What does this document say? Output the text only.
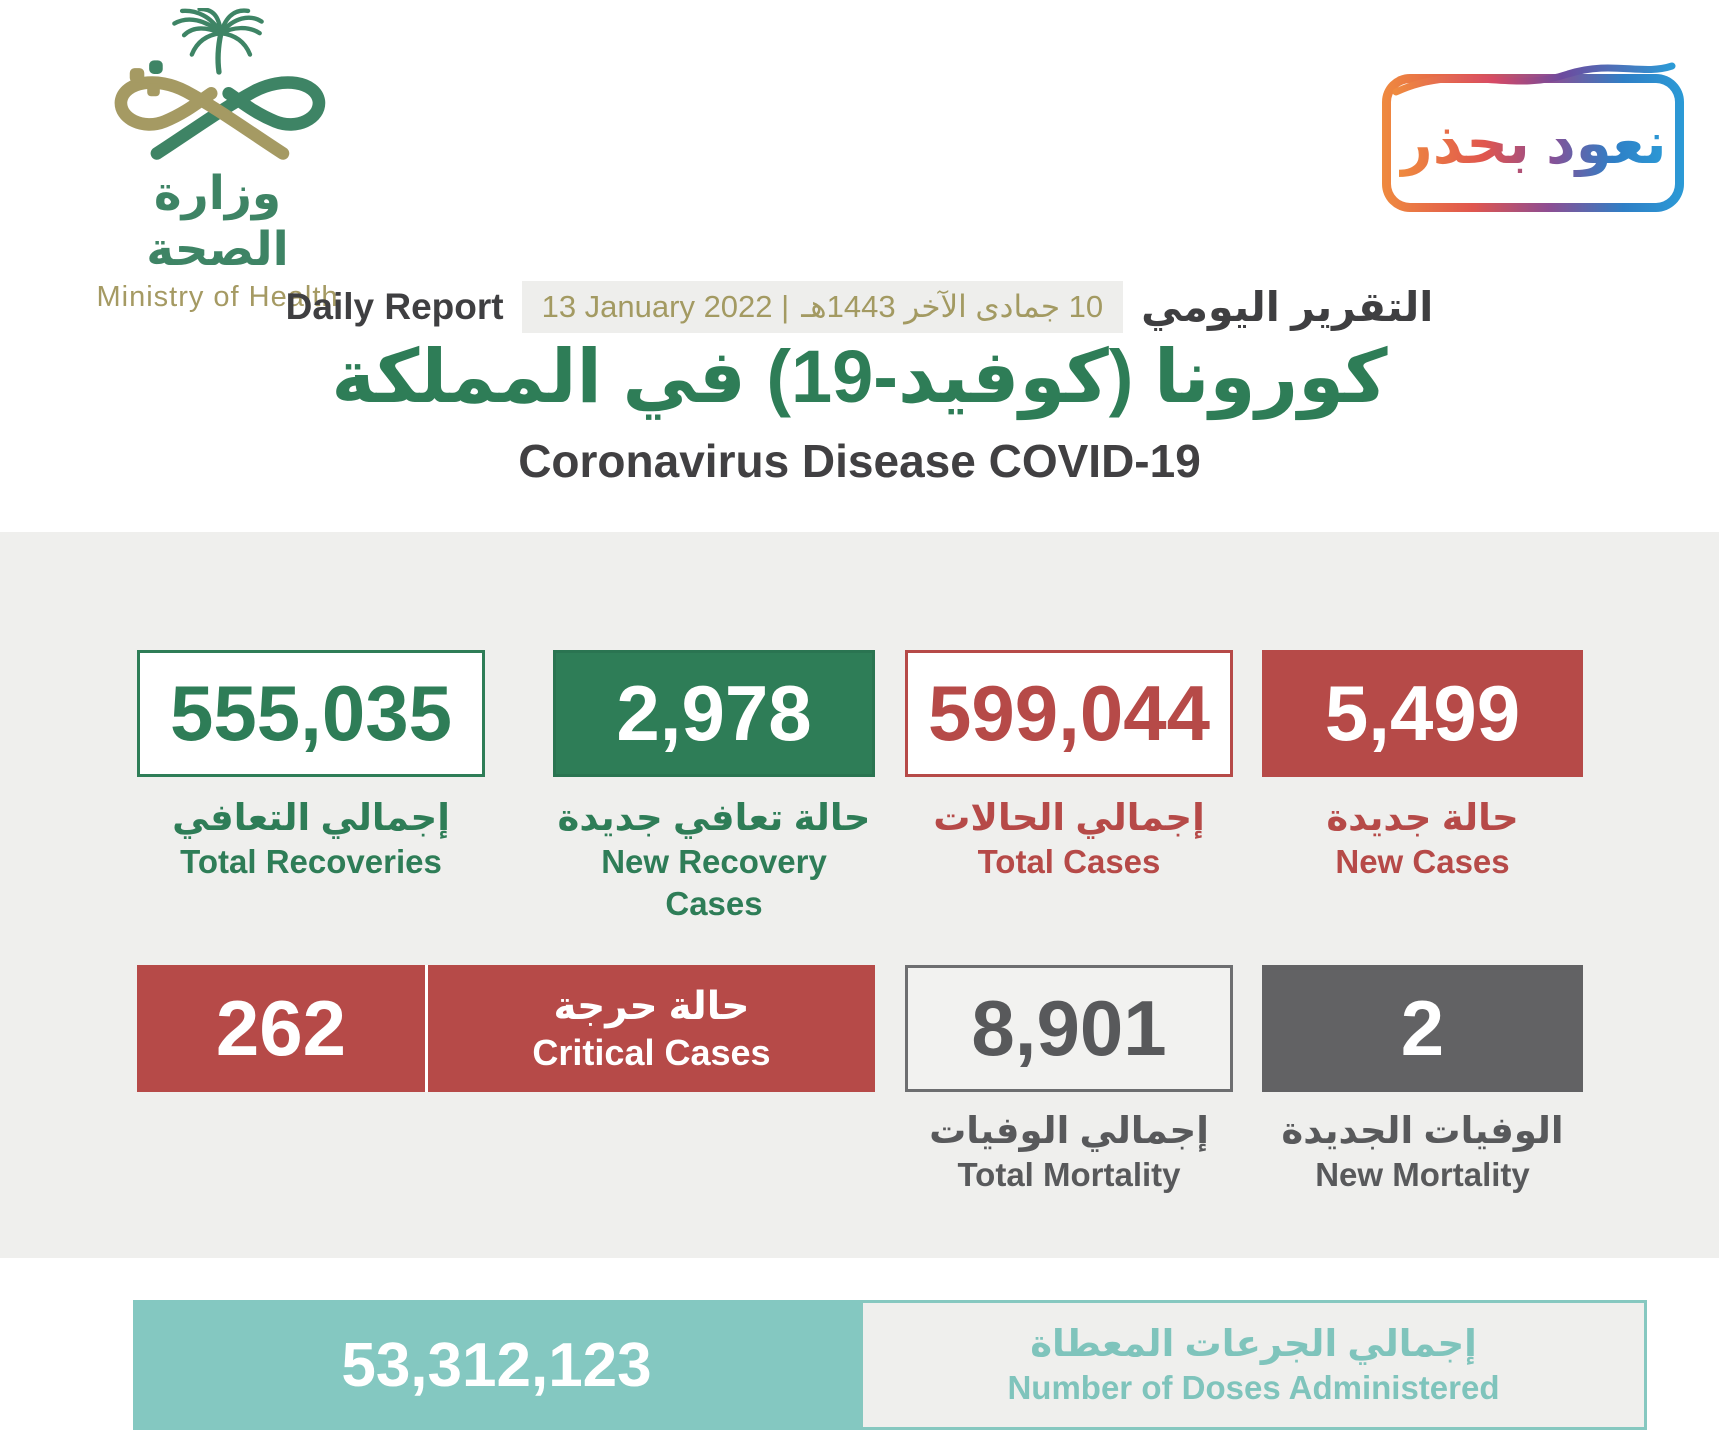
وزارة الصحة
Ministry of Health
نعود بحذر
Daily Report 13 January 2022 | 10 جمادى الآخر 1443هـ التقرير اليومي
كورونا (كوفيد-19) في المملكة
Coronavirus Disease COVID-19
555,035 2,978 599,044 5,499
إجمالي التعافي
Total Recoveries
حالة تعافي جديدة
New Recovery Cases
إجمالي الحالات
Total Cases
حالة جديدة
New Cases
262	حالة حرجة
Critical Cases	8,901	2
إجمالي الوفيات
Total Mortality
الوفيات الجديدة
New Mortality
53,312,123	إجمالي الجرعات المعطاة
Number of Doses Administered
